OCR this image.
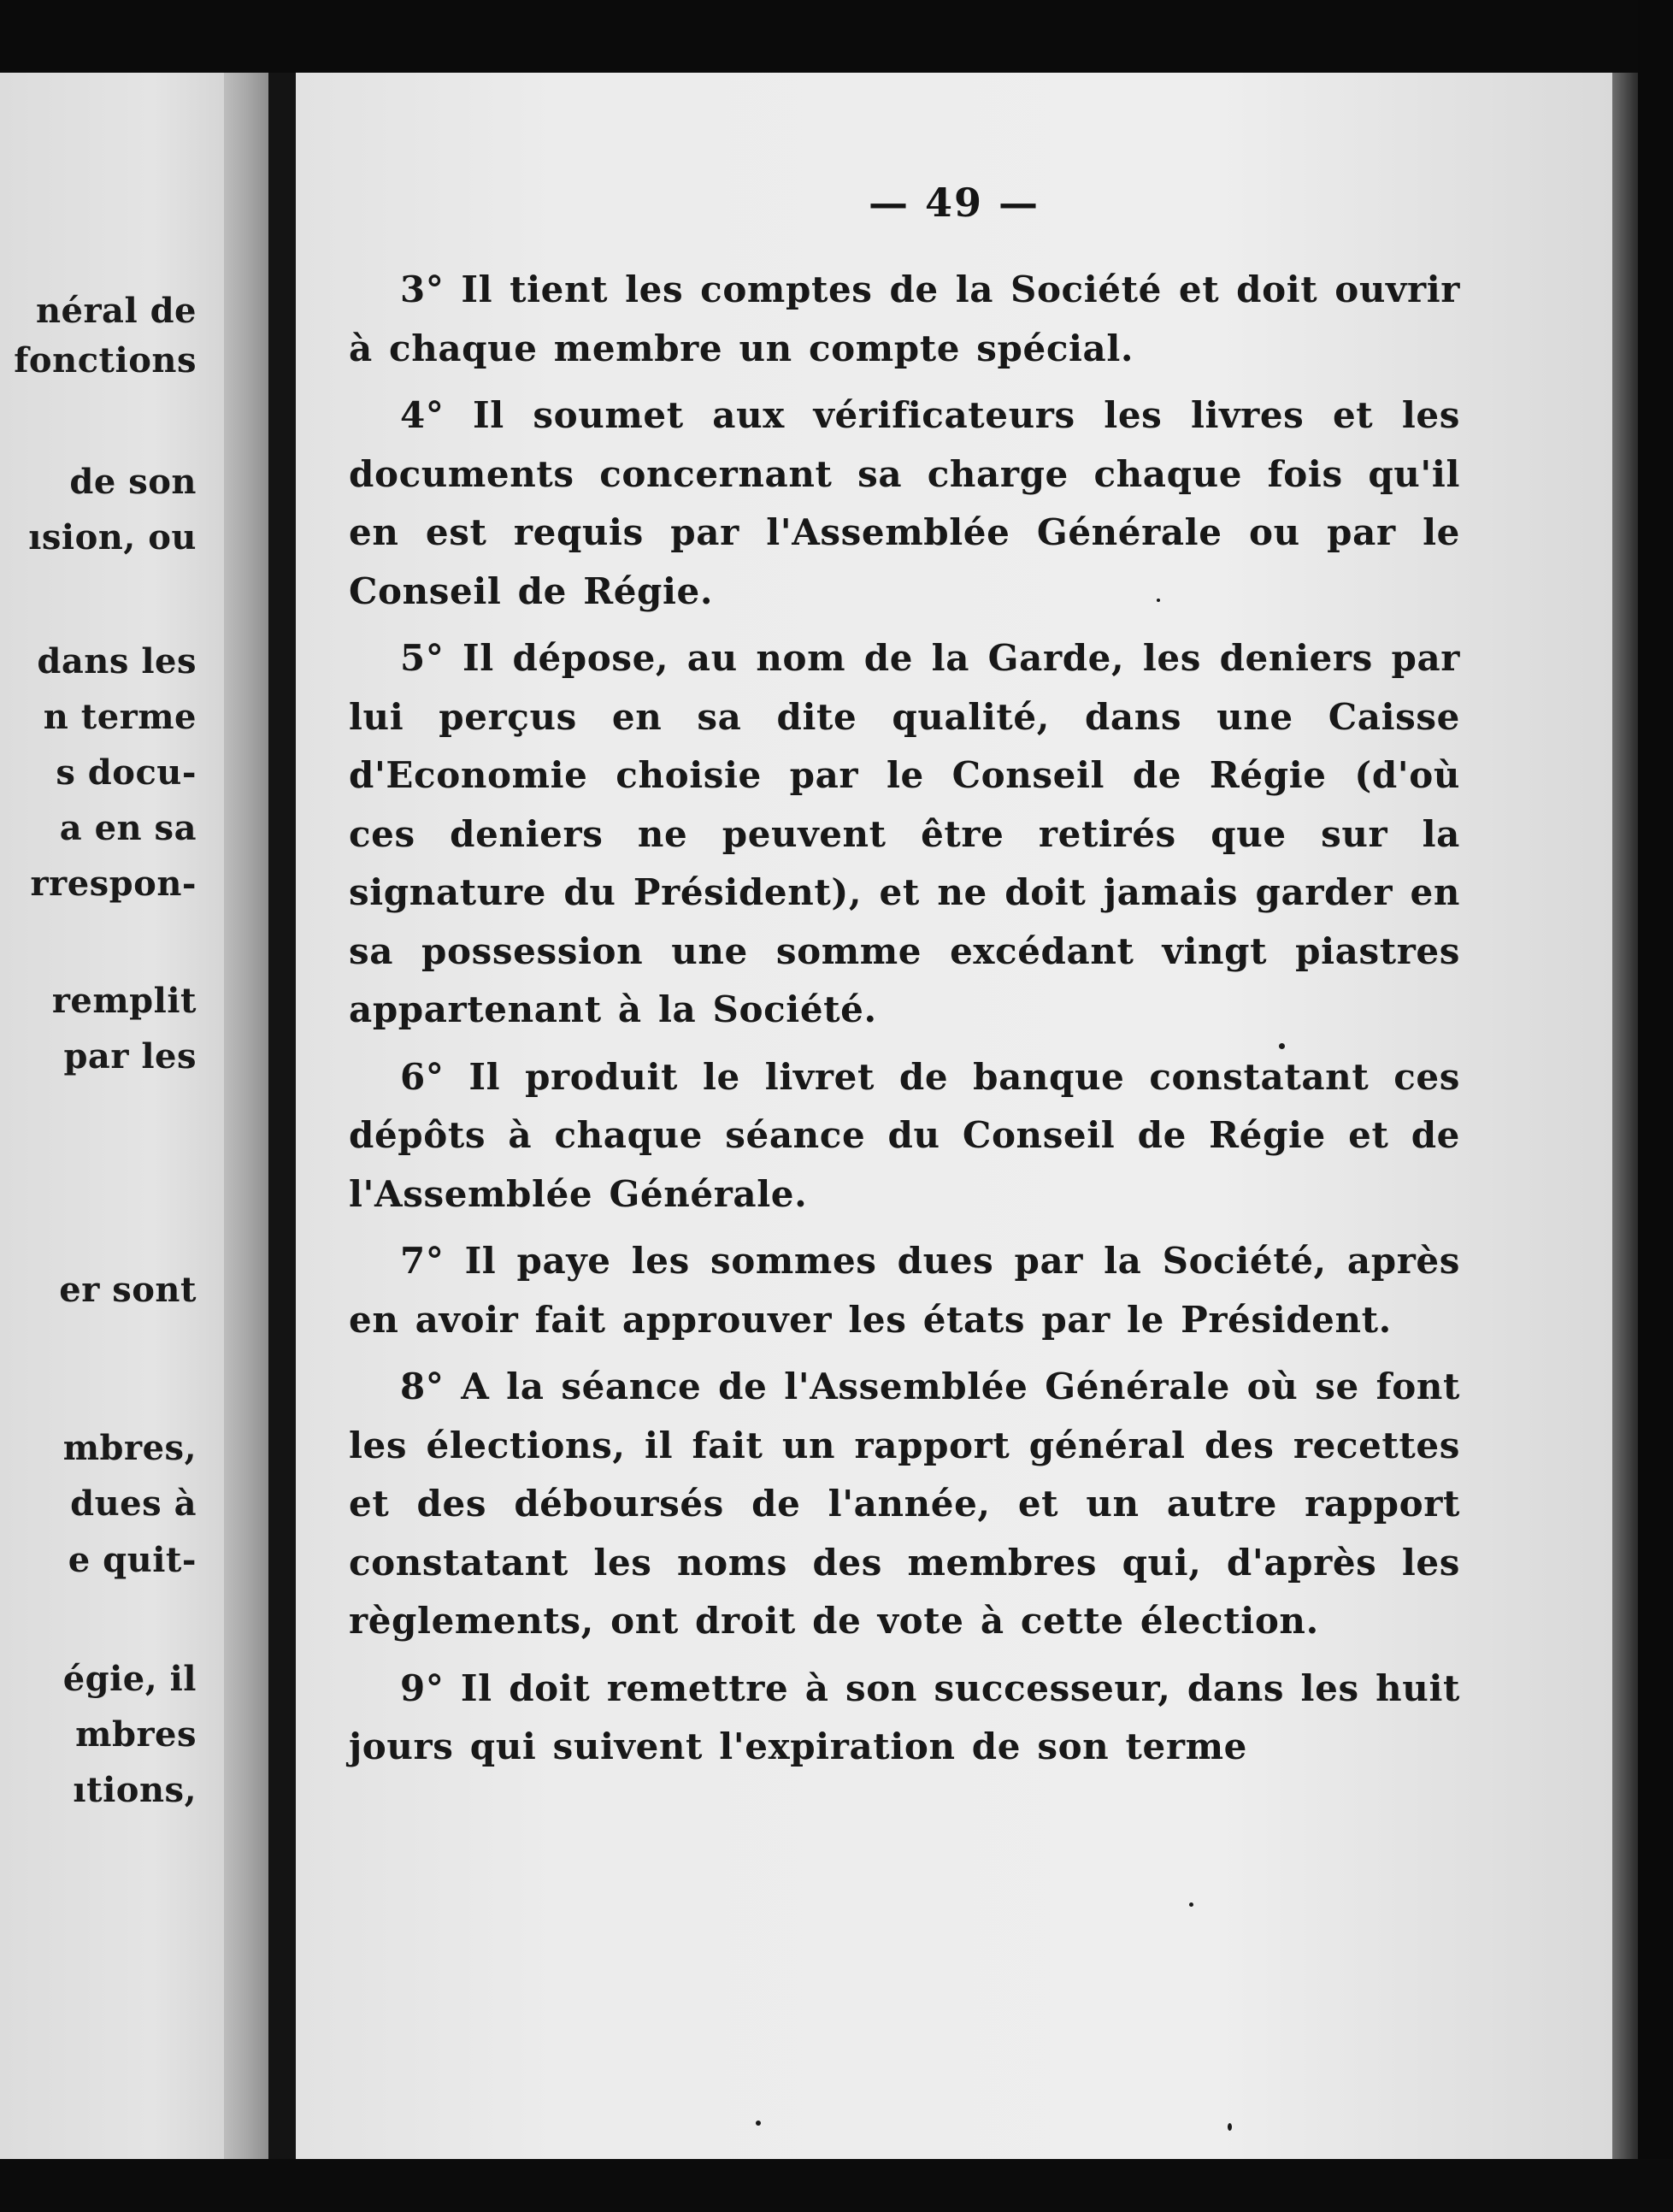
néral de
fonctions
de son
ısion, ou
dans les
n terme
s docu-
a en sa
rrespon-
remplit
par les
er sont
mbres,
dues à
e quit-
égie, il
mbres
ıtions,
— 49 —

3° Il tient les comptes de la Société et doit ouvrir à chaque membre un compte spécial.

4° Il soumet aux vérificateurs les livres et les documents concernant sa charge chaque fois qu'il en est requis par l'Assemblée Générale ou par le Conseil de Régie.

5° Il dépose, au nom de la Garde, les deniers par lui perçus en sa dite qualité, dans une Caisse d'Economie choisie par le Conseil de Régie (d'où ces deniers ne peuvent être retirés que sur la signature du Président), et ne doit jamais garder en sa possession une somme excédant vingt piastres appartenant à la Société.

6° Il produit le livret de banque constatant ces dépôts à chaque séance du Conseil de Régie et de l'Assemblée Générale.

7° Il paye les sommes dues par la Société, après en avoir fait approuver les états par le Président.

8° A la séance de l'Assemblée Générale où se font les élections, il fait un rapport général des recettes et des déboursés de l'année, et un autre rapport constatant les noms des membres qui, d'après les règlements, ont droit de vote à cette élection.

9° Il doit remettre à son successeur, dans les huit jours qui suivent l'expiration de son terme
